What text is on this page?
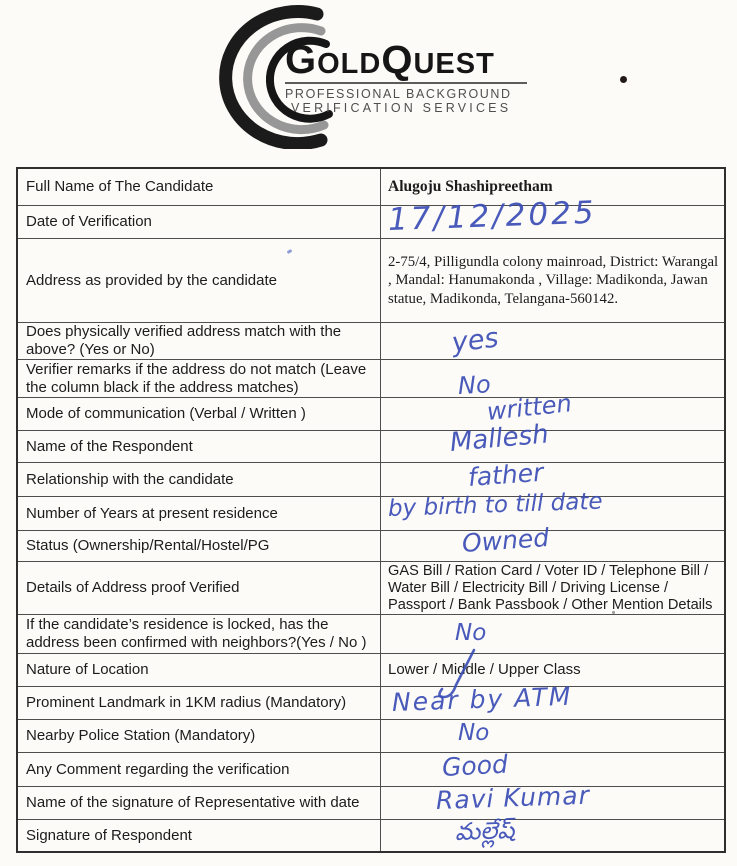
G OLD Q UEST
PROFESSIONAL BACKGROUND
VERIFICATION SERVICES
Full Name of The Candidate	Alugoju Shashipreetham
Date of Verification
Address as provided by the candidate
2-75/4, Pilligundla colony mainroad, District: Warangal , Mandal: Hanumakonda , Village: Madikonda, Jawan statue, Madikonda, Telangana-560142.
Does physically verified address match with the above? (Yes or No)
Verifier remarks if the address do not match (Leave the column black if the address matches)
Mode of communication (Verbal / Written )
Name of the Respondent
Relationship with the candidate
Number of Years at present residence
Status (Ownership/Rental/Hostel/PG
Details of Address proof Verified
GAS Bill / Ration Card / Voter ID / Telephone Bill / Water Bill / Electricity Bill / Driving License / Passport / Bank Passbook / Other Mention Details
If the candidate’s residence is locked, has the address been confirmed with neighbors?(Yes / No )
Nature of Location	Lower / Middle / Upper Class
Prominent Landmark in 1KM radius (Mandatory)
Nearby Police Station (Mandatory)
Any Comment regarding the verification
Name of the signature of Representative with date
Signature of Respondent
17/12/2025
yes
No
written
Mallesh
father
by birth to till date
Owned
No
Near by ATM
No
Good
Ravi Kumar
మల్లేష్
